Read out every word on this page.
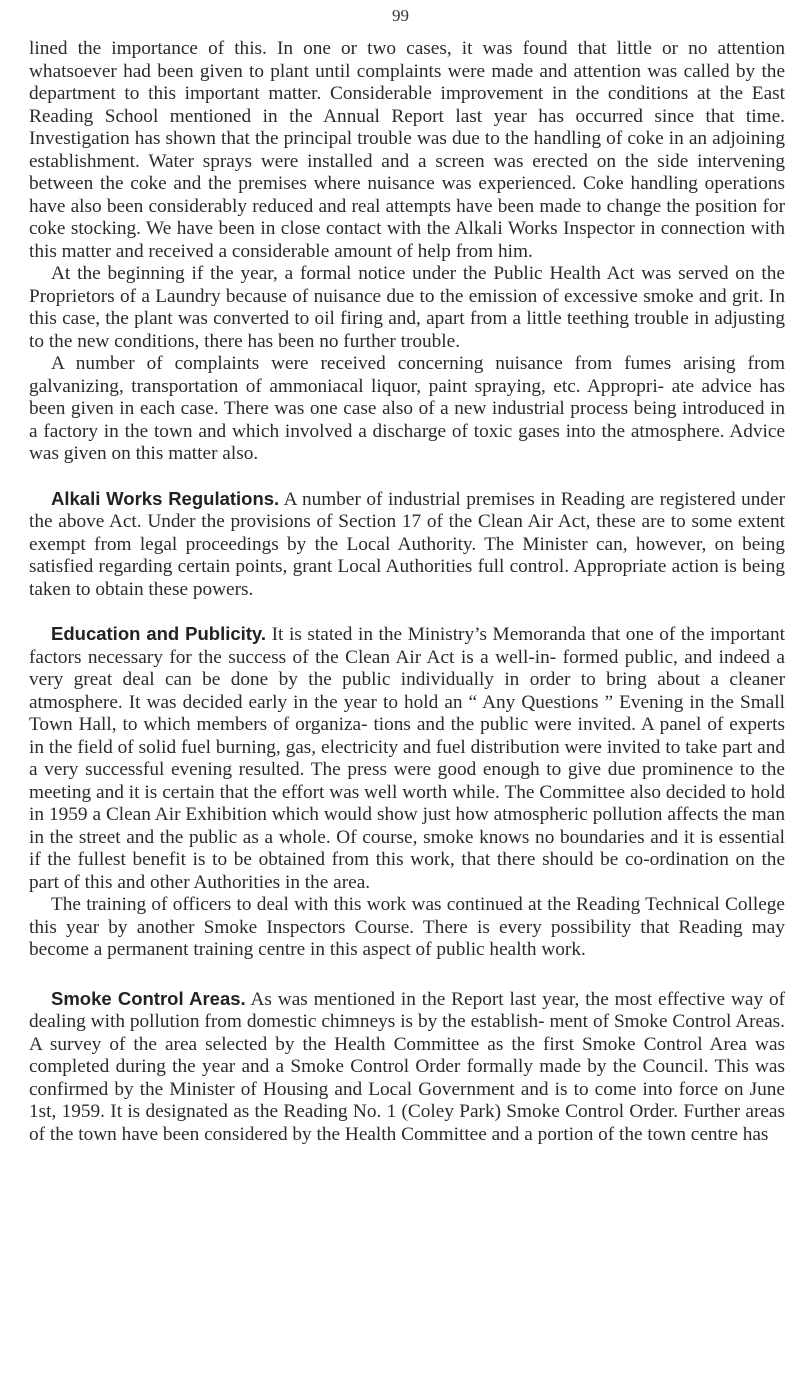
99

lined the importance of this. In one or two cases, it was found that little or no attention whatsoever had been given to plant until complaints were made and attention was called by the department to this important matter. Considerable improvement in the conditions at the East Reading School mentioned in the Annual Report last year has occurred since that time. Investigation has shown that the principal trouble was due to the handling of coke in an adjoining establishment. Water sprays were installed and a screen was erected on the side intervening between the coke and the premises where nuisance was experienced. Coke handling operations have also been considerably reduced and real attempts have been made to change the position for coke stocking. We have been in close contact with the Alkali Works Inspector in connection with this matter and received a considerable amount of help from him.

At the beginning if the year, a formal notice under the Public Health Act was served on the Proprietors of a Laundry because of nuisance due to the emission of excessive smoke and grit. In this case, the plant was converted to oil firing and, apart from a little teething trouble in adjusting to the new conditions, there has been no further trouble.

A number of complaints were received concerning nuisance from fumes arising from galvanizing, transportation of ammoniacal liquor, paint spraying, etc. Appropri- ate advice has been given in each case. There was one case also of a new industrial process being introduced in a factory in the town and which involved a discharge of toxic gases into the atmosphere. Advice was given on this matter also.

Alkali Works Regulations. A number of industrial premises in Reading are registered under the above Act. Under the provisions of Section 17 of the Clean Air Act, these are to some extent exempt from legal proceedings by the Local Authority. The Minister can, however, on being satisfied regarding certain points, grant Local Authorities full control. Appropriate action is being taken to obtain these powers.

Education and Publicity. It is stated in the Ministry’s Memoranda that one of the important factors necessary for the success of the Clean Air Act is a well-in- formed public, and indeed a very great deal can be done by the public individually in order to bring about a cleaner atmosphere. It was decided early in the year to hold an “ Any Questions ” Evening in the Small Town Hall, to which members of organiza- tions and the public were invited. A panel of experts in the field of solid fuel burning, gas, electricity and fuel distribution were invited to take part and a very successful evening resulted. The press were good enough to give due prominence to the meeting and it is certain that the effort was well worth while. The Committee also decided to hold in 1959 a Clean Air Exhibition which would show just how atmospheric pollution affects the man in the street and the public as a whole. Of course, smoke knows no boundaries and it is essential if the fullest benefit is to be obtained from this work, that there should be co-ordination on the part of this and other Authorities in the area.

The training of officers to deal with this work was continued at the Reading Technical College this year by another Smoke Inspectors Course. There is every possibility that Reading may become a permanent training centre in this aspect of public health work.

Smoke Control Areas. As was mentioned in the Report last year, the most effective way of dealing with pollution from domestic chimneys is by the establish- ment of Smoke Control Areas. A survey of the area selected by the Health Committee as the first Smoke Control Area was completed during the year and a Smoke Control Order formally made by the Council. This was confirmed by the Minister of Housing and Local Government and is to come into force on June 1st, 1959. It is designated as the Reading No. 1 (Coley Park) Smoke Control Order. Further areas of the town have been considered by the Health Committee and a portion of the town centre has
